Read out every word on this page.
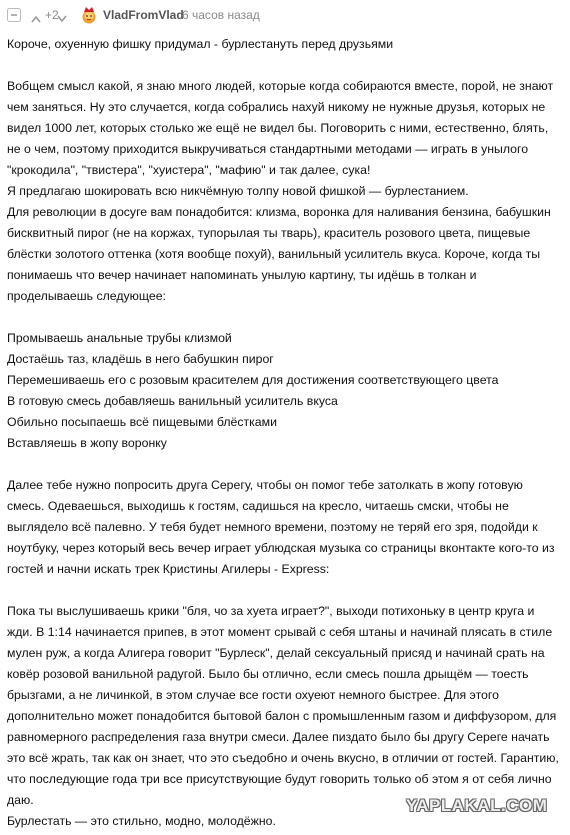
+2	VladFromVlad
6 часов назад

Короче, охуенную фишку придумал - бурлестануть перед друзьями

Вобщем смысл какой, я знаю много людей, которые когда собираются вместе, порой, не знают чем заняться. Ну это случается, когда собрались нахуй никому не нужные друзья, которых не видел 1000 лет, которых столько же ещё не видел бы. Поговорить с ними, естественно, блять, не о чем, поэтому приходится выкручиваться стандартными методами — играть в унылого "крокодила", "твистера", "хуистера", "мафию" и так далее, сука!

Я предлагаю шокировать всю никчёмную толпу новой фишкой — бурлестанием.

Для революции в досуге вам понадобится: клизма, воронка для наливания бензина, бабушкин бисквитный пирог (не на коржах, тупорылая ты тварь), краситель розового цвета, пищевые блёстки золотого оттенка (хотя вообще похуй), ванильный усилитель вкуса. Короче, когда ты понимаешь что вечер начинает напоминать унылую картину, ты идёшь в толкан и проделываешь следующее:

Промываешь анальные трубы клизмой

Достаёшь таз, кладёшь в него бабушкин пирог

Перемешиваешь его с розовым красителем для достижения соответствующего цвета

В готовую смесь добавляешь ванильный усилитель вкуса

Обильно посыпаешь всё пищевыми блёстками

Вставляешь в жопу воронку

Далее тебе нужно попросить друга Серегу, чтобы он помог тебе затолкать в жопу готовую смесь. Одеваешься, выходишь к гостям, садишься на кресло, читаешь смски, чтобы не выглядело всё палевно. У тебя будет немного времени, поэтому не теряй его зря, подойди к ноутбуку, через который весь вечер играет ублюдская музыка со страницы вконтакте кого-то из гостей и начни искать трек Кристины Агилеры - Express:

Пока ты выслушиваешь крики "бля, чо за хуета играет?", выходи потихоньку в центр круга и жди. В 1:14 начинается припев, в этот момент срывай с себя штаны и начинай плясать в стиле мулен руж, а когда Алигера говорит "Бурлеск", делай сексуальный присяд и начинай срать на ковёр розовой ванильной радугой. Было бы отлично, если смесь пошла дрыщём — тоесть брызгами, а не личинкой, в этом случае все гости охуеют немного быстрее. Для этого дополнительно может понадобится бытовой балон с промышленным газом и диффузором, для равномерного распределения газа внутри смеси. Далее пиздато было бы другу Сереге начать это всё жрать, так как он знает, что это съедобно и очень вкусно, в отличии от гостей. Гарантию, что последующие года три все присутствующие будут говорить только об этом я от себя лично даю.

Бурлестать — это стильно, модно, молодёжно.

YAPLAKAL.COM
